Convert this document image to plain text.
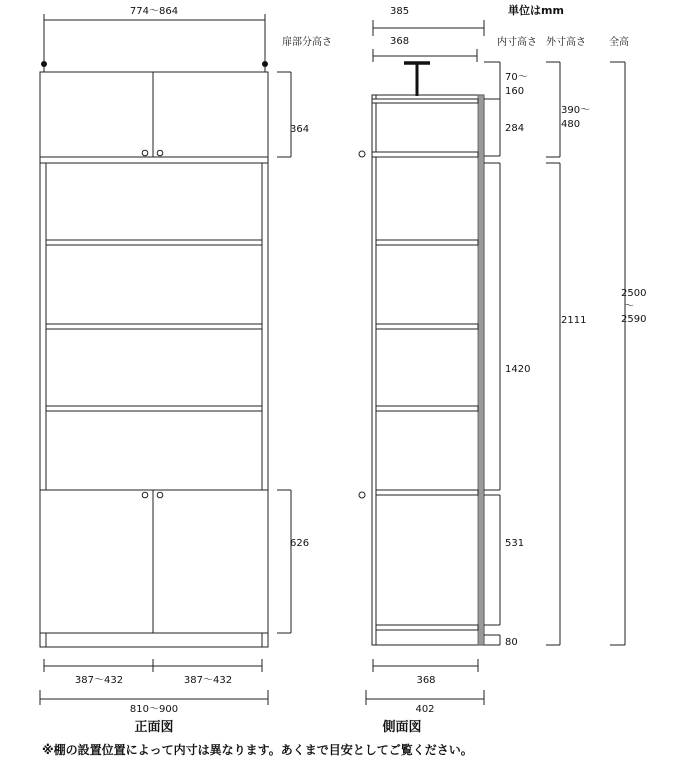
単位はmm
扉部分高さ	内寸高さ 外寸高さ 全高
774〜864
364
626
387〜432	387〜432
810〜900
正面図
385
368
70〜
160
284
1420
531
80
390〜
480
2111
2500
〜
2590
368
402
側面図
※棚の設置位置によって内寸は異なります。あくまで目安としてご覧ください。
